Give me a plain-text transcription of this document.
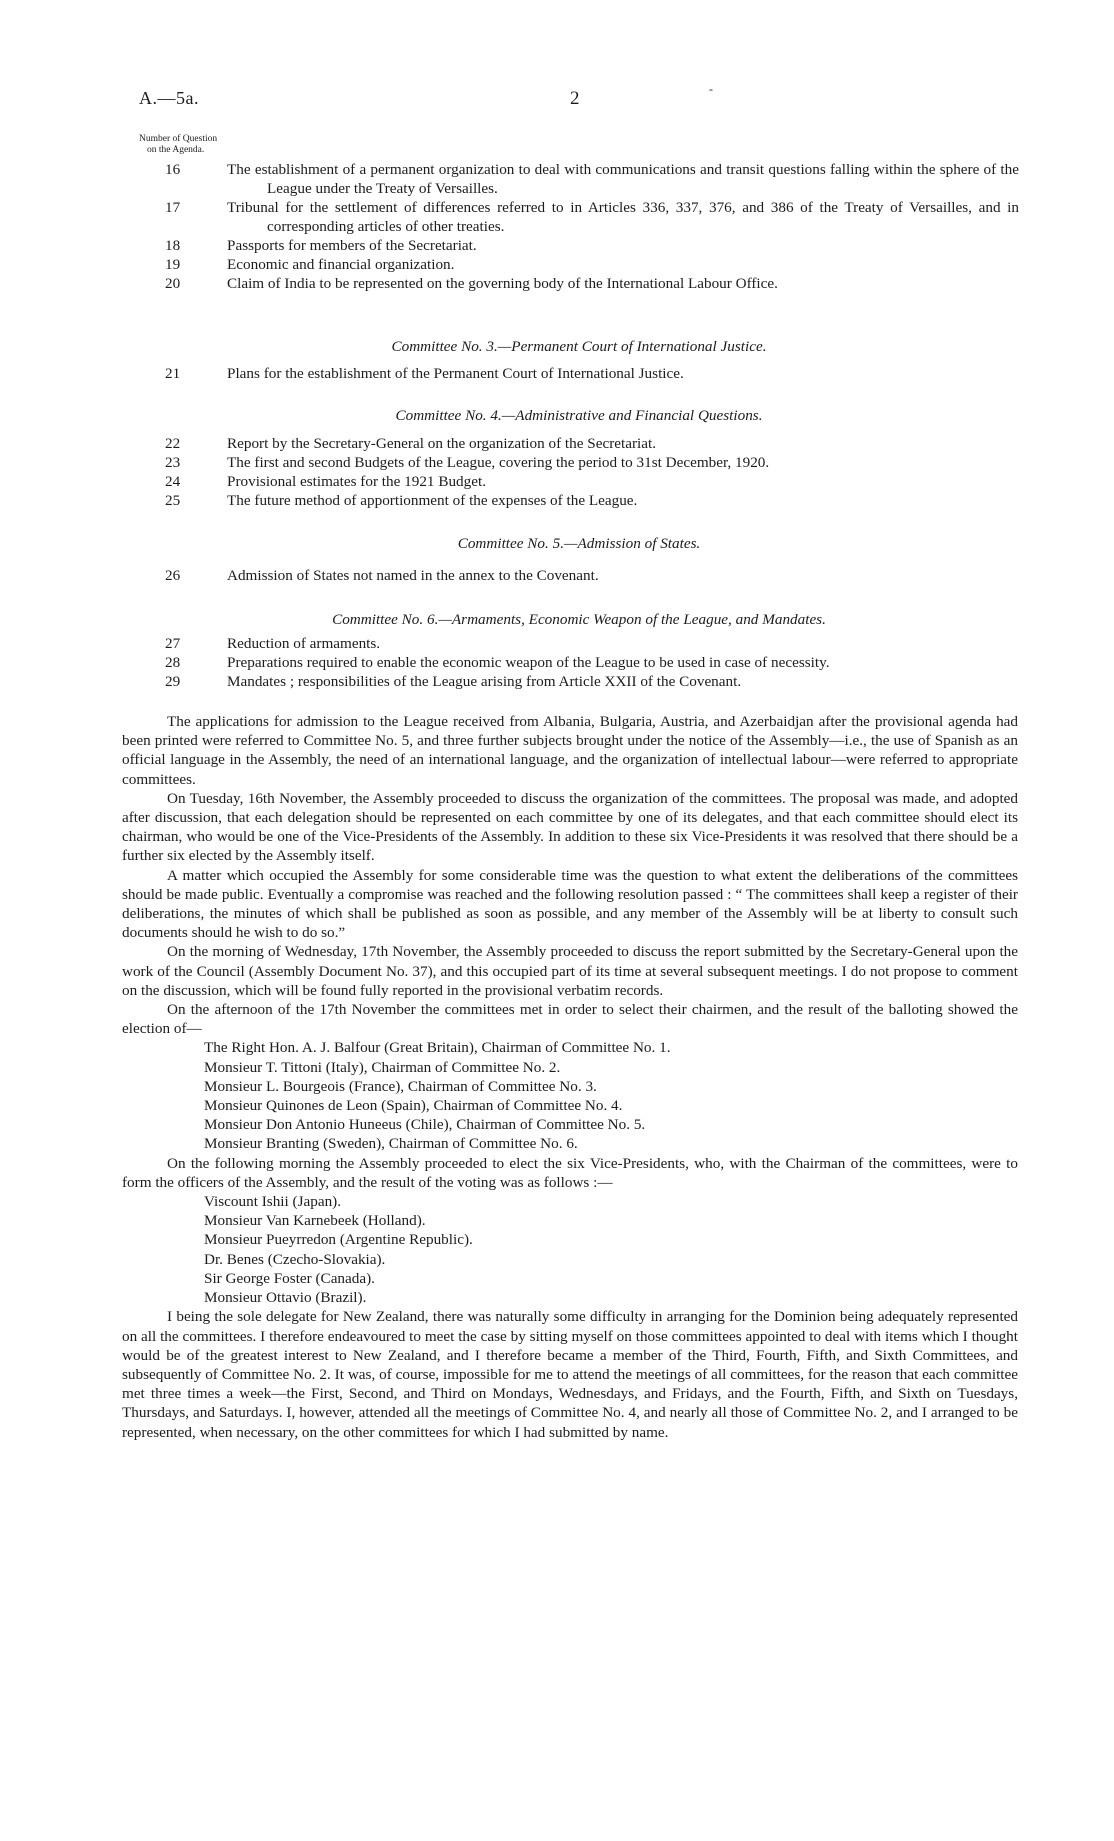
A.—5a.	2	-
Number of Question
on the Agenda.
16	The establishment of a permanent organization to deal with communications and transit questions falling within the sphere of the League under the Treaty of Versailles.
17	Tribunal for the settlement of differences referred to in Articles 336, 337, 376, and 386 of the Treaty of Versailles, and in corresponding articles of other treaties.
18	Passports for members of the Secretariat.
19	Economic and financial organization.
20	Claim of India to be represented on the governing body of the International Labour Office.
Committee No. 3.—Permanent Court of International Justice.
21	Plans for the establishment of the Permanent Court of International Justice.
Committee No. 4.—Administrative and Financial Questions.
22	Report by the Secretary-General on the organization of the Secretariat.
23	The first and second Budgets of the League, covering the period to 31st December, 1920.
24	Provisional estimates for the 1921 Budget.
25	The future method of apportionment of the expenses of the League.
Committee No. 5.—Admission of States.
26	Admission of States not named in the annex to the Covenant.
Committee No. 6.—Armaments, Economic Weapon of the League, and Mandates.
27	Reduction of armaments.
28	Preparations required to enable the economic weapon of the League to be used in case of necessity.
29	Mandates ; responsibilities of the League arising from Article XXII of the Covenant.

The applications for admission to the League received from Albania, Bulgaria, Austria, and Azerbaidjan after the provisional agenda had been printed were referred to Committee No. 5, and three further subjects brought under the notice of the Assembly—i.e., the use of Spanish as an official language in the Assembly, the need of an international language, and the organization of intellectual labour—were referred to appropriate committees.

On Tuesday, 16th November, the Assembly proceeded to discuss the organization of the committees. The proposal was made, and adopted after discussion, that each delegation should be represented on each committee by one of its delegates, and that each committee should elect its chairman, who would be one of the Vice-Presidents of the Assembly. In addition to these six Vice-Presidents it was resolved that there should be a further six elected by the Assembly itself.

A matter which occupied the Assembly for some considerable time was the question to what extent the deliberations of the committees should be made public. Eventually a compromise was reached and the following resolution passed : “ The committees shall keep a register of their deliberations, the minutes of which shall be published as soon as possible, and any member of the Assembly will be at liberty to consult such documents should he wish to do so.”

On the morning of Wednesday, 17th November, the Assembly proceeded to discuss the report submitted by the Secretary-General upon the work of the Council (Assembly Document No. 37), and this occupied part of its time at several subsequent meetings. I do not propose to comment on the discussion, which will be found fully reported in the provisional verbatim records.

On the afternoon of the 17th November the committees met in order to select their chairmen, and the result of the balloting showed the election of—

The Right Hon. A. J. Balfour (Great Britain), Chairman of Committee No. 1.
Monsieur T. Tittoni (Italy), Chairman of Committee No. 2.
Monsieur L. Bourgeois (France), Chairman of Committee No. 3.
Monsieur Quinones de Leon (Spain), Chairman of Committee No. 4.
Monsieur Don Antonio Huneeus (Chile), Chairman of Committee No. 5.
Monsieur Branting (Sweden), Chairman of Committee No. 6.

On the following morning the Assembly proceeded to elect the six Vice-Presidents, who, with the Chairman of the committees, were to form the officers of the Assembly, and the result of the voting was as follows :—

Viscount Ishii (Japan).
Monsieur Van Karnebeek (Holland).
Monsieur Pueyrredon (Argentine Republic).
Dr. Benes (Czecho-Slovakia).
Sir George Foster (Canada).
Monsieur Ottavio (Brazil).

I being the sole delegate for New Zealand, there was naturally some difficulty in arranging for the Dominion being adequately represented on all the committees. I therefore endeavoured to meet the case by sitting myself on those committees appointed to deal with items which I thought would be of the greatest interest to New Zealand, and I therefore became a member of the Third, Fourth, Fifth, and Sixth Committees, and subsequently of Committee No. 2. It was, of course, impossible for me to attend the meetings of all committees, for the reason that each committee met three times a week—the First, Second, and Third on Mondays, Wednesdays, and Fridays, and the Fourth, Fifth, and Sixth on Tuesdays, Thursdays, and Saturdays. I, however, attended all the meetings of Committee No. 4, and nearly all those of Committee No. 2, and I arranged to be represented, when necessary, on the other committees for which I had submitted by name.
